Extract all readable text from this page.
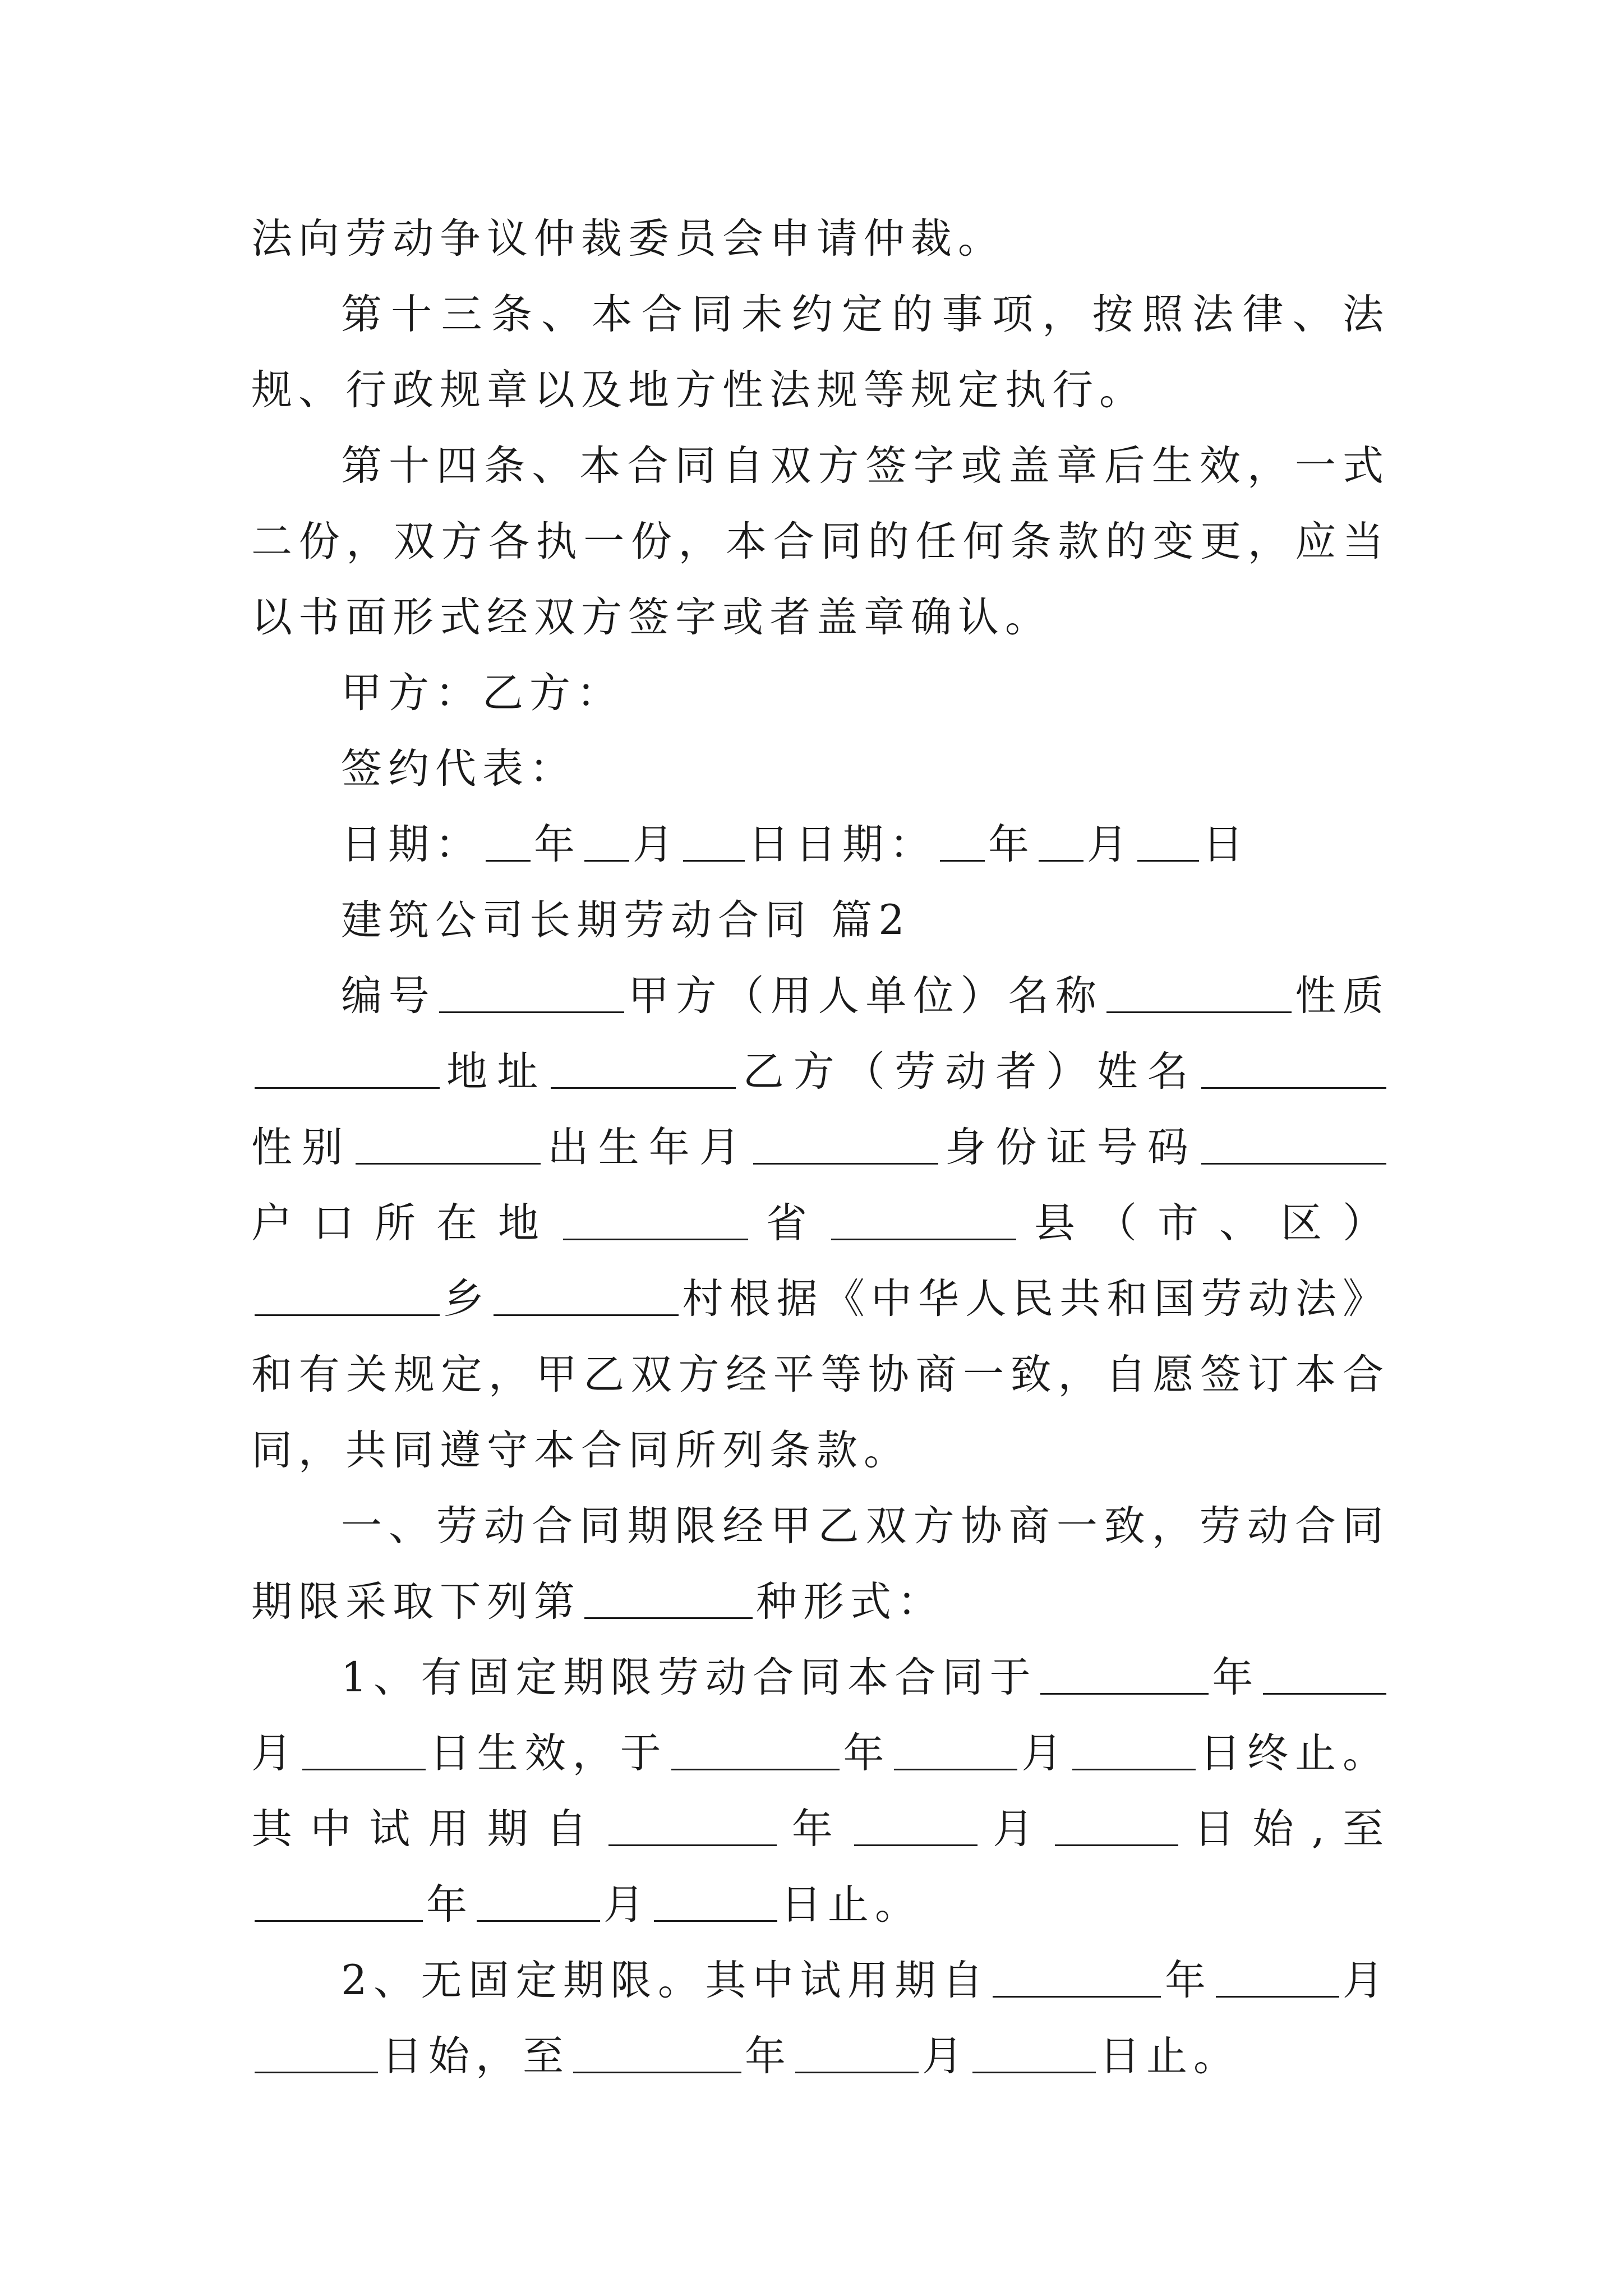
法向劳动争议仲裁委员会申请仲裁。

第十三条、本合同未约定的事项，按照法律、法规、行政规章以及地方性法规等规定执行。

第十四条、本合同自双方签字或盖章后生效，一式二份，双方各执一份，本合同的任何条款的变更，应当以书面形式经双方签字或者盖章确认。

甲方：乙方：

签约代表：

日期： 年 月 日日期： 年 月 日

建筑公司长期劳动合同 篇2

编号	甲方（用人单位）名称	性质地址	乙方（劳动者）姓名性别	出生年月	身份证号码户口所在地	省	县（市、区）乡	村根据《中华人民共和国劳动法》和有关规定，甲乙双方经平等协商一致，自愿签订本合同，共同遵守本合同所列条款。

一、劳动合同期限经甲乙双方协商一致，劳动合同期限采取下列第	种形式：

1、有固定期限劳动合同本合同于	年月	日生效，于	年	月	日终止。其中试用期自	年	月	日始,至年	月	日止。

2、无固定期限。其中试用期自	年	月日始，至	年	月	日止。
